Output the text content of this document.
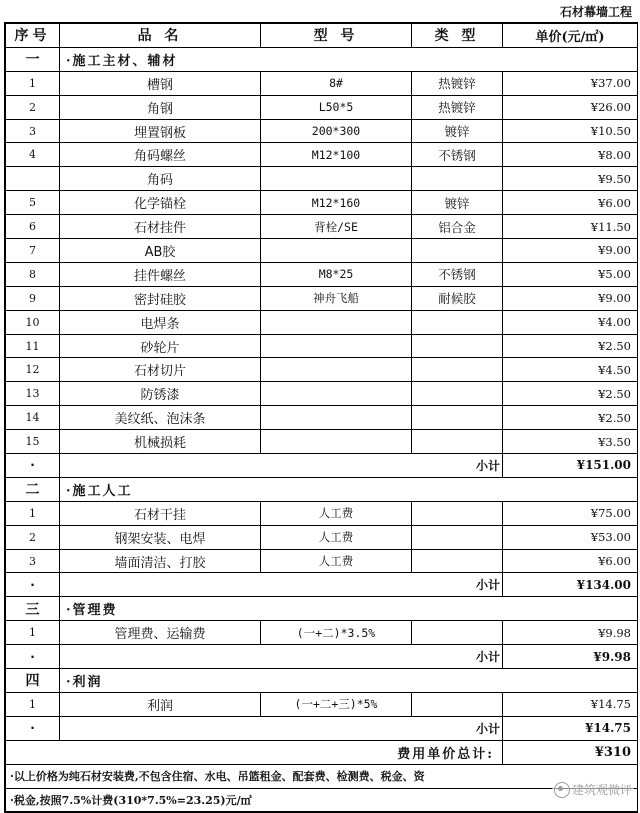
石材幕墙工程
序号	品 名	型 号	类 型	单价(元/㎡)
一	·施工主材、辅材			
1	槽钢	8#	热镀锌	¥37.00
2	角钢	L50*5	热镀锌	¥26.00
3	埋置钢板	200*300	镀锌	¥10.50
4	角码螺丝	M12*100	不锈钢	¥8.00
	角码			¥9.50
5	化学锚栓	M12*160	镀锌	¥6.00
6	石材挂件	背栓/SE	铝合金	¥11.50
7	AB胶			¥9.00
8	挂件螺丝	M8*25	不锈钢	¥5.00
9	密封硅胶	神舟飞船	耐候胶	¥9.00
10	电焊条			¥4.00
11	砂轮片			¥2.50
12	石材切片			¥4.50
13	防锈漆			¥2.50
14	美纹纸、泡沫条			¥2.50
15	机械损耗			¥3.50
·	小计			¥151.00
二	·施工人工			
1	石材干挂	人工费		¥75.00
2	钢架安装、电焊	人工费		¥53.00
3	墙面清洁、打胶	人工费		¥6.00
·	小计			¥134.00
三	·管理费			
1	管理费、运输费	(一+二)*3.5%		¥9.98
·	小计			¥9.98
四	·利润			
1	利润	(一+二+三)*5%		¥14.75
·	小计			¥14.75
费用单价总计:				¥310
·以上价格为纯石材安装费,不包含住宿、水电、吊篮租金、配套费、检测费、税金、资				
·税金,按照7.5%计费(310*7.5%=23.25)元/㎡				
建筑观微评
